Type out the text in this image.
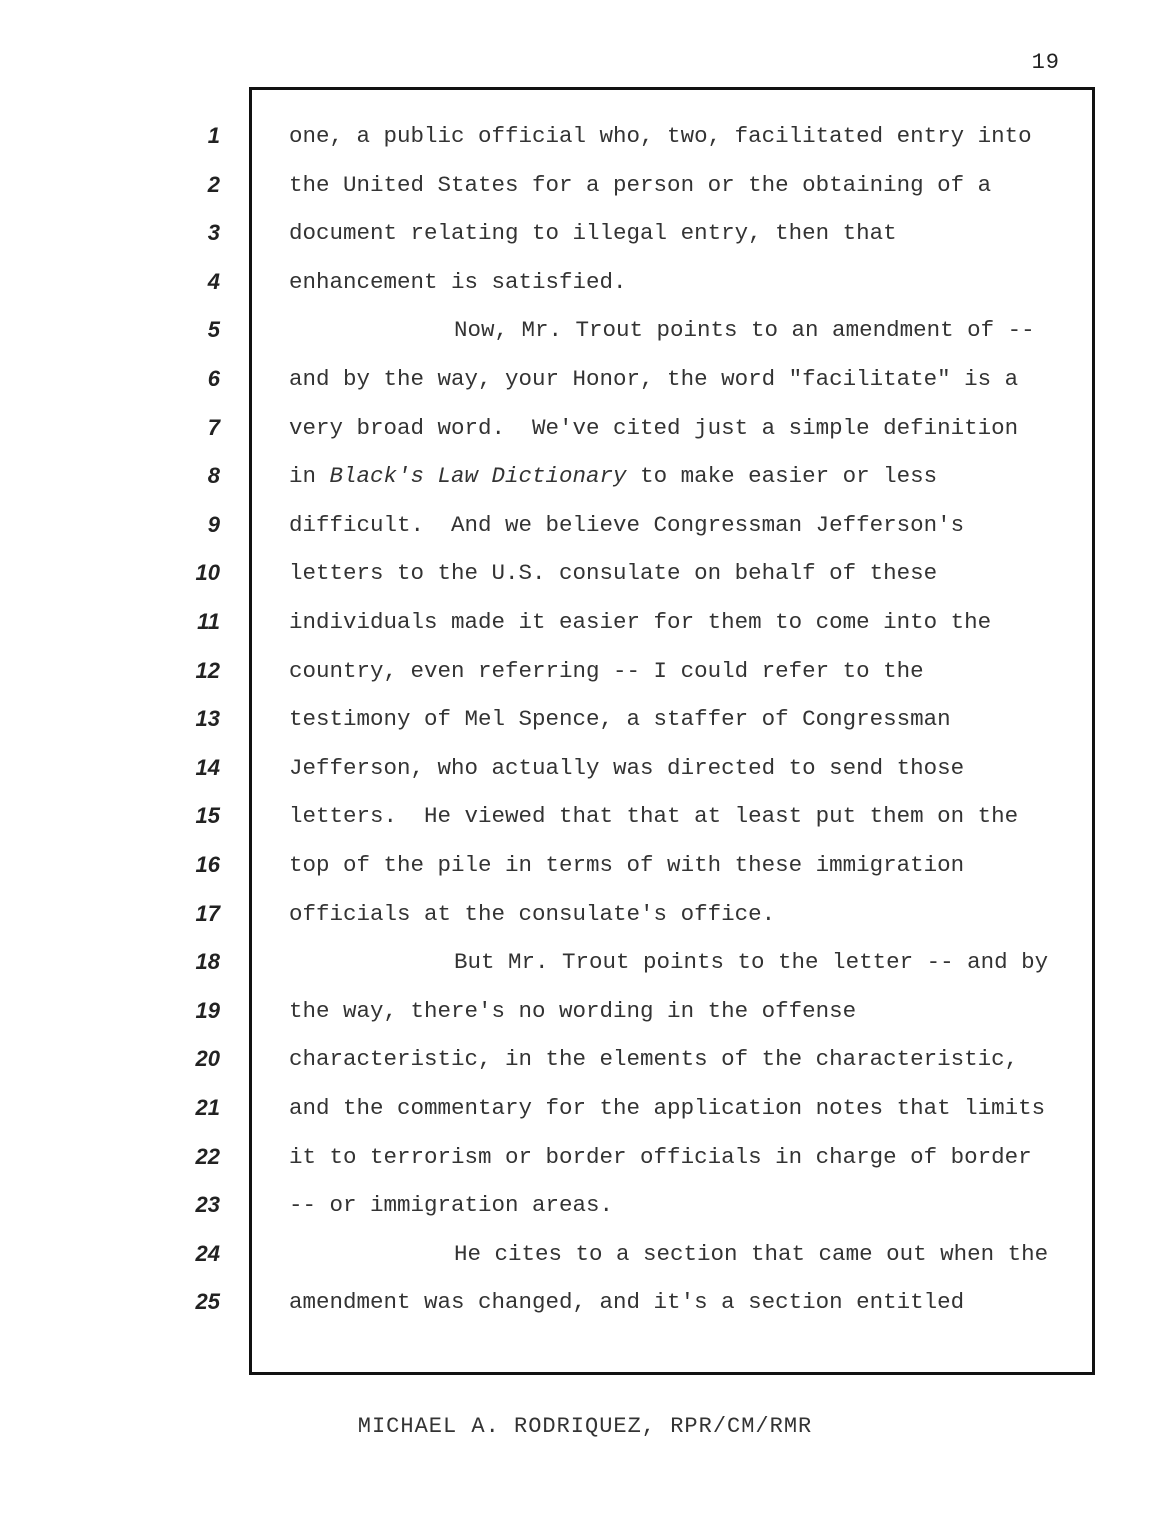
19
1
2
3
4
5
6
7
8
9
10
11
12
13
14
15
16
17
18
19
20
21
22
23
24
25
one, a public official who, two, facilitated entry into
the United States for a person or the obtaining of a
document relating to illegal entry, then that
enhancement is satisfied.
Now, Mr. Trout points to an amendment of --
and by the way, your Honor, the word "facilitate" is a
very broad word.  We've cited just a simple definition
in Black's Law Dictionary to make easier or less
difficult.  And we believe Congressman Jefferson's
letters to the U.S. consulate on behalf of these
individuals made it easier for them to come into the
country, even referring -- I could refer to the
testimony of Mel Spence, a staffer of Congressman
Jefferson, who actually was directed to send those
letters.  He viewed that that at least put them on the
top of the pile in terms of with these immigration
officials at the consulate's office.
But Mr. Trout points to the letter -- and by
the way, there's no wording in the offense
characteristic, in the elements of the characteristic,
and the commentary for the application notes that limits
it to terrorism or border officials in charge of border
-- or immigration areas.
He cites to a section that came out when the
amendment was changed, and it's a section entitled
MICHAEL A. RODRIQUEZ, RPR/CM/RMR
